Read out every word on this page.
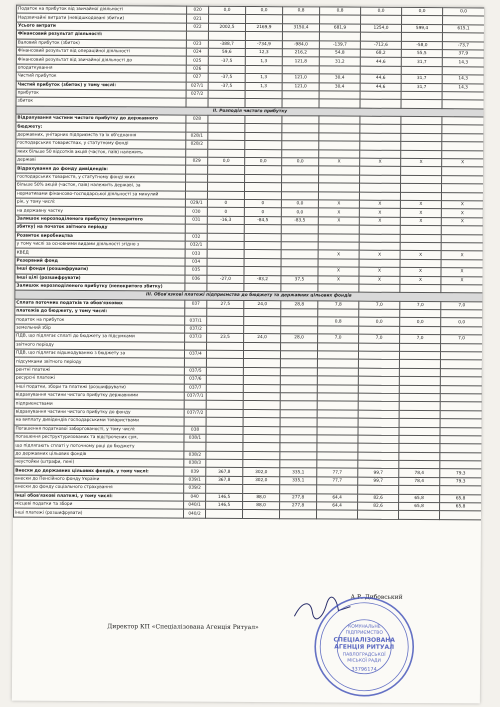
Податок на прибуток від звичайної діяльності	020	0,0	0,0	0,8	0,8	0,0	0,0	0,0
Надзвичайні витрати (невідшкодовані збитки)	021							
Усього витрати	022	2002,5	2169,9	3150,4	681,9	1254,0	599,4	615,1
Фінансовий результат діяльності:								
Валовий прибуток (збиток)	023	-388,7	-734,9	-984,0	-139,7	-712,6	-58,0	-73,7
Фінансовий результат від операційної діяльності	024	59,6	12,3	216,2	54,8	68,2	55,5	37,9
Фінансовий результат від звичайної діяльності до	025	-37,5	1,3	121,8	31,2	44,6	31,7	14,3
оподаткування	026							
Чистий прибуток	027	-37,5	1,3	121,0	30,4	44,6	31,7	14,3
Чистий прибуток (збиток) у тому числі:	027/1	-37,5	1,3	121,0	30,4	44,6	31,7	14,3
прибуток	027/2							
збиток								
ІІ. Розподіл чистого прибутку								
Відрахування частини чистого прибутку до державного	028							
бюджету:								
державних, унітарних підприємств та їх об'єднання	028/1							
господарських товариствах, у статутному фонді	028/2							
яких більше 50 відсотків акцій (часток, паїв) належить								
державі	029	0,0	0,0	0,0	X	X	X	X
Відрахування до фонду дивідендів:								
господарських товариств, у статутному фонді яких								
більше 50% акцій (часток, паїв) належить державі, за								
нормативами фінансово-господарської діяльності за минулий								
рік, у тому числі:	029/1	0	0	0,0	X	X	X	X
на державну частку	030	0	0	0,0	X	X	X	X
Залишок нерозподіленого прибутку (непокритого	031	-16,3	-84,5	-83,5	X	X	X	X
збитку) на початок звітного періоду								
Розвиток виробництва	032							
у тому числі за основними видами діяльності згідно з	032/1							
КВЕД	033				X	X	X	X
Резервний фонд	034							
Інші фонди (розшифрувати)	035				X	X	X	X
Інші цілі (розшифрувати)	036	-27,0	-83,2	37,5	X	X	X	X
Залишок нерозподіленого прибутку (непокритого збитку)								
ІІІ. Обов'язкові платежі підприємства до бюджету та державних цільових фондів								
Сплата поточних податків та обов'язкових	037	27,5	24,0	28,8	7,8	7,0	7,0	7,0
платежів до бюджету, у тому числі:								
податок на прибуток	037/1				0,8	0,0	0,0	0,0
земельний збір	037/2							
ПДВ, що підлягає сплаті до бюджету за підсумками	037/3	23,5	24,0	28,0	7,0	7,0	7,0	7,0
звітного періоду								
ПДВ, що підлягає відшкодуванню з бюджету за	037/4							
підсумками звітного періоду								
рентні платежі	037/5							
ресурсні платежі	037/6							
інші податки, збори та платежі (розшифрувати)	037/7							
відрахування частини чистого прибутку державними	037/7/1							
підприємствами								
відрахування частини чистого прибутку до фонду	037/7/2							
на виплату дивідендів господарськими товариствами								
Погашення податкової заборгованості, у тому числі:	038							
погашення реструктуризованих та відстрочених сум,	038/1							
що підлягають сплаті у поточному році до бюджету								
до державних цільових фондів	038/2							
неустойки (штрафи, пені)	038/3							
Внески до державних цільових фондів, у тому числі:	039	367,8	302,0	335,1	77,7	99,7	78,4	79,3
внески до Пенсійного фонду України	039/1	367,8	302,0	335,1	77,7	99,7	78,4	79,3
внески до фонду соціального страхування	039/2							
Інші обов'язкові платежі, у тому числі:	040	146,5	88,0	277,8	64,4	82,6	65,8	65,8
місцеві податки та збори	040/1	146,5	88,0	277,8	64,4	82,6	65,8	65,8
інші платежі (розшифрувати)	040/2							
Директор КП «Спеціалізована Агенція Ритуал»
А.Р. Дибовський
КОМУНАЛЬНЕ
ПІДПРИЄМСТВО
СПЕЦІАЛІЗОВАНА
АГЕНЦІЯ РИТУАЛ
ПАВЛОГРАДСЬКОЇ
МІСЬКОЇ РАДИ
33796174
